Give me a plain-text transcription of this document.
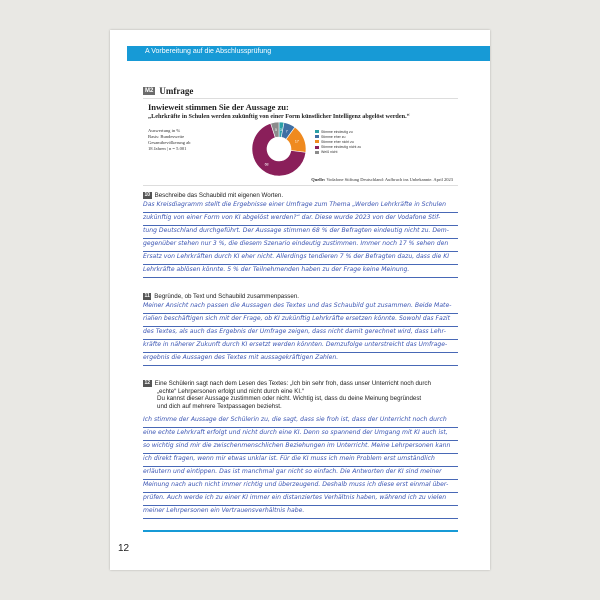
A Vorbereitung auf die Abschlussprüfung
M2 Umfrage
Inwieweit stimmen Sie der Aussage zu:
„Lehrkräfte in Schulen werden zukünftig von einer Form künstlicher Intelligenz abgelöst werden.“
Auswertung in %
Basis: Bundesweite
Gesamtbevölkerung ab
18 Jahren | n = 5.001
3 7
17
68
5	Stimme eindeutig zu
Stimme eher zu
Stimme eher nicht zu
Stimme eindeutig nicht zu
Weiß nicht
Quelle: Vodafone Stiftung Deutschland: Aufbruch ins Unbekannte. April 2023
10 Beschreibe das Schaubild mit eigenen Worten.
Das Kreisdiagramm stellt die Ergebnisse einer Umfrage zum Thema „Werden Lehrkräfte in Schulen
zukünftig von einer Form von KI abgelöst werden?“ dar. Diese wurde 2023 von der Vodafone Stif-
tung Deutschland durchgeführt. Der Aussage stimmen 68 % der Befragten eindeutig nicht zu. Dem-
gegenüber stehen nur 3 %, die diesem Szenario eindeutig zustimmen. Immer noch 17 % sehen den
Ersatz von Lehrkräften durch KI eher nicht. Allerdings tendieren 7 % der Befragten dazu, dass die KI
Lehrkräfte ablösen könnte. 5 % der Teilnehmenden haben zu der Frage keine Meinung.
11 Begründe, ob Text und Schaubild zusammenpassen.
Meiner Ansicht nach passen die Aussagen des Textes und das Schaubild gut zusammen. Beide Mate-
rialien beschäftigen sich mit der Frage, ob KI zukünftig Lehrkräfte ersetzen könnte. Sowohl das Fazit
des Textes, als auch das Ergebnis der Umfrage zeigen, dass nicht damit gerechnet wird, dass Lehr-
kräfte in näherer Zukunft durch KI ersetzt werden könnten. Demzufolge unterstreicht das Umfrage-
ergebnis die Aussagen des Textes mit aussagekräftigen Zahlen.
12 Eine Schülerin sagt nach dem Lesen des Textes: „Ich bin sehr froh, dass unser Unterricht noch durch
„echte“ Lehrpersonen erfolgt und nicht durch eine KI.“
Du kannst dieser Aussage zustimmen oder nicht. Wichtig ist, dass du deine Meinung begründest
und dich auf mehrere Textpassagen beziehst.
Ich stimme der Aussage der Schülerin zu, die sagt, dass sie froh ist, dass der Unterricht noch durch
eine echte Lehrkraft erfolgt und nicht durch eine KI. Denn so spannend der Umgang mit KI auch ist,
so wichtig sind mir die zwischenmenschlichen Beziehungen im Unterricht. Meine Lehrpersonen kann
ich direkt fragen, wenn mir etwas unklar ist. Für die KI muss ich mein Problem erst umständlich
erläutern und eintippen. Das ist manchmal gar nicht so einfach. Die Antworten der KI sind meiner
Meinung nach auch nicht immer richtig und überzeugend. Deshalb muss ich diese erst einmal über-
prüfen. Auch werde ich zu einer KI immer ein distanziertes Verhältnis haben, während ich zu vielen
meiner Lehrpersonen ein Vertrauensverhältnis habe.
12
